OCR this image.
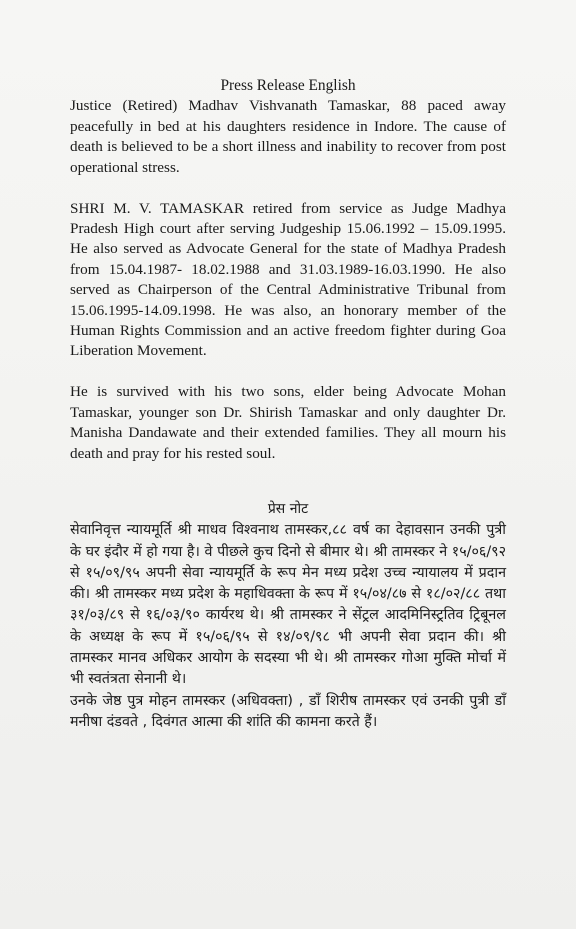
Press Release English

Justice (Retired) Madhav Vishvanath Tamaskar, 88 paced away peacefully in bed at his daughters residence in Indore. The cause of death is believed to be a short illness and inability to recover from post operational stress.

SHRI M. V. TAMASKAR retired from service as Judge Madhya Pradesh High court after serving Judgeship 15.06.1992 – 15.09.1995. He also served as Advocate General for the state of Madhya Pradesh from 15.04.1987- 18.02.1988 and 31.03.1989-16.03.1990. He also served as Chairperson of the Central Administrative Tribunal from 15.06.1995-14.09.1998. He was also, an honorary member of the Human Rights Commission and an active freedom fighter during Goa Liberation Movement.

He is survived with his two sons, elder being Advocate Mohan Tamaskar, younger son Dr. Shirish Tamaskar and only daughter Dr. Manisha Dandawate and their extended families. They all mourn his death and pray for his rested soul.

प्रेस नोट

सेवानिवृत्त न्यायमूर्ति श्री माधव विश्वनाथ तामस्कर,८८ वर्ष का देहावसान उनकी पुत्री के घर इंदौर में हो गया है। वे पीछले कुच दिनो से बीमार थे। श्री तामस्कर ने १५/०६/९२ से १५/०९/९५ अपनी सेवा न्यायमूर्ति के रूप मेन मध्य प्रदेश उच्च न्यायालय में प्रदान की। श्री तामस्कर मध्य प्रदेश के महाधिवक्ता के रूप में १५/०४/८७ से १८/०२/८८ तथा ३१/०३/८९ से १६/०३/९० कार्यरथ थे। श्री तामस्कर ने सेंट्रल आदमिनिस्ट्रतिव ट्रिबूनल के अध्यक्ष के रूप में १५/०६/९५ से १४/०९/९८ भी अपनी सेवा प्रदान की। श्री तामस्कर मानव अधिकर आयोग के सदस्या भी थे। श्री तामस्कर गोआ मुक्ति मोर्चा में भी स्वतंत्रता सेनानी थे।

उनके जेष्ठ पुत्र मोहन तामस्कर (अधिवक्ता) , डॉं शिरीष तामस्कर एवं उनकी पुत्री डॉं मनीषा दंडवते , दिवंगत आत्मा की शांति की कामना करते हैं।
